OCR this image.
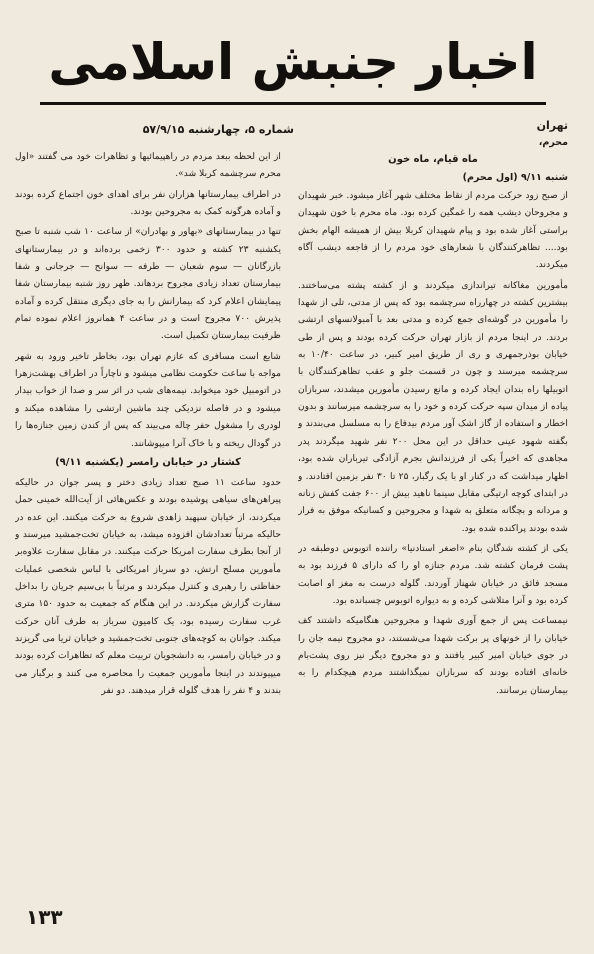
اخبار جنبش اسلامی
شماره ۵، چهارشنبه ۵۷/۹/۱۵	تهران

محرم،

ماه قیام، ماه خون

شنبه ۹/۱۱ (اول محرم)

از صبح زود حرکت مردم از نقاط مختلف شهر آغاز میشود. خبر شهیدان و مجروحان دیشب همه را غمگین کرده بود. ماه محرم با خون شهیدان براستی آغاز شده بود و پیام شهیدان کربلا بیش از همیشه الهام بخش بود.... تظاهرکنندگان با شعارهای خود مردم را از فاجعه دیشب آگاه میکردند.

مأمورین مغاکانه تیراندازی میکردند و از کشته پشته می‌ساختند. بیشترین کشته در چهارراه سرچشمه بود که پس از مدتی، تلی از شهدا را مأمورین در گوشه‌ای جمع کرده و مدتی بعد با آمبولانسهای ارتشی بردند. در اینجا مردم از بازار تهران حرکت کرده بودند و پس از طی خیابان بوذرجمهری و ری از طریق امیر کبیر، در ساعت ۱۰/۴۰ به سرچشمه میرسند و چون در قسمت جلو و عقب تظاهرکنندگان با اتوبیلها راه بندان ایجاد کرده و مانع رسیدن مأمورین میشدند، سربازان پیاده از میدان سپه حرکت کرده و خود را به سرچشمه میرسانند و بدون اخطار و استفاده از گاز اشک آور مردم بیدفاع را به مسلسل می‌بندند و بگفته شهود عینی حداقل در این محل ۲۰۰ نفر شهید میگردند پدر مجاهدی که اخیراً یکی از فرزندانش بجرم آزادگی تیرباران شده بود، اظهار میداشت که در کنار او با یک رگبار، ۲۵ تا ۳۰ نفر بزمین افتادند. و در ابتدای کوچه ارتیگی مقابل سینما ناهید بیش از ۶۰۰ جفت کفش زنانه و مردانه و بچگانه متعلق به شهدا و مجروحین و کسانیکه موفق به فرار شده بودند پراکنده شده بود.

یکی از کشته شدگان بنام «اصغر استادنیا» راننده اتوبوس دوطبقه در پشت فرمان کشته شد. مردم جنازه او را که دارای ۵ فرزند بود به مسجد فائق در خیابان شهناز آوردند. گلوله درست به مغز او اصابت کرده بود و آنرا متلاشی کرده و به دیواره اتوبوس چسبانده بود.

نیمساعت پس از جمع آوری شهدا و مجروحین هنگامیکه داشتند کف خیابان را از خونهای پر برکت شهدا می‌شستند، دو مجروح نیمه جان را در جوی خیابان امیر کبیر یافتند و دو مجروح دیگر نیز روی پشت‌بام خانه‌ای افتاده بودند که سربازان نمیگذاشتند مردم هیچکدام را به بیمارستان برسانند.

از این لحظه ببعد مردم در راهپیمائیها و تظاهرات خود می گفتند «اول محرم سرچشمه کربلا شد».

در اطراف بیمارستانها هزاران نفر برای اهدای خون اجتماع کرده بودند و آماده هرگونه کمک به مجروحین بودند.

تنها در بیمارستانهای «بهاور و بهادران» از ساعت ۱۰ شب شنبه تا صبح یکشنبه ۲۳ کشته و حدود ۳۰۰ زخمی برده‌اند و در بیمارستانهای بازرگانان — سوم شعبان — طرفه — سوانح — جرجانی و شفا بیمارستان تعداد زیادی مجروح بردهاند. ظهر روز شنبه بیمارستان شفا پیمایشان اعلام کرد که بیمارانش را به جای دیگری منتقل کرده و آماده پذیرش ۷۰۰ مجروح است و در ساعت ۴ همانروز اعلام نموده تمام ظرفیت بیمارستان تکمیل است.

شایع است مسافری که عازم تهران بود، بخاطر تاخیر ورود به شهر مواجه با ساعت حکومت نظامی میشود و ناچاراً در اطراف بهشت‌زهرا در اتومبیل خود میخوابد. نیمه‌های شب در اثر سر و صدا از خواب بیدار میشود و در فاصله نزدیکی چند ماشین ارتشی را مشاهده میکند و لودری را مشغول حفر چاله می‌بیند که پس از کندن زمین جنازه‌ها را در گودال ریخته و با خاک آنرا میپوشانند.

کشتار در خیابان رامسر (یکشنبه ۹/۱۱)

حدود ساعت ۱۱ صبح تعداد زیادی دختر و پسر جوان در حالیکه پیراهن‌های سیاهی پوشیده بودند و عکس‌هائی از آیت‌الله خمینی حمل میکردند، از خیابان سپهبد زاهدی شروع به حرکت میکنند. این عده در حالیکه مرتباً تعدادشان افزوده میشد، به خیابان تخت‌جمشید میرسند و از آنجا بطرف سفارت امریکا حرکت میکنند. در مقابل سفارت علاوه‌بر مأمورین مسلح ارتش، دو سرباز امریکائی با لباس شخصی عملیات حفاظتی را رهبری و کنترل میکردند و مرتباً با بی‌سیم جریان را بداخل سفارت گزارش میکردند. در این هنگام که جمعیت به حدود ۱۵۰ متری غرب سفارت رسیده بود، یک کامیون سرباز به طرف آنان حرکت میکند. جوانان به کوچه‌های جنوبی تخت‌جمشید و خیابان ثریا می گریزند و در خیابان رامسر، به دانشجویان تربیت معلم که تظاهرات کرده بودند میپیوندند در اینجا مأمورین جمعیت را محاصره می کنند و برگبار می بندند و ۴ نفر را هدف گلوله قرار میدهند. دو نفر

۱۳۳
